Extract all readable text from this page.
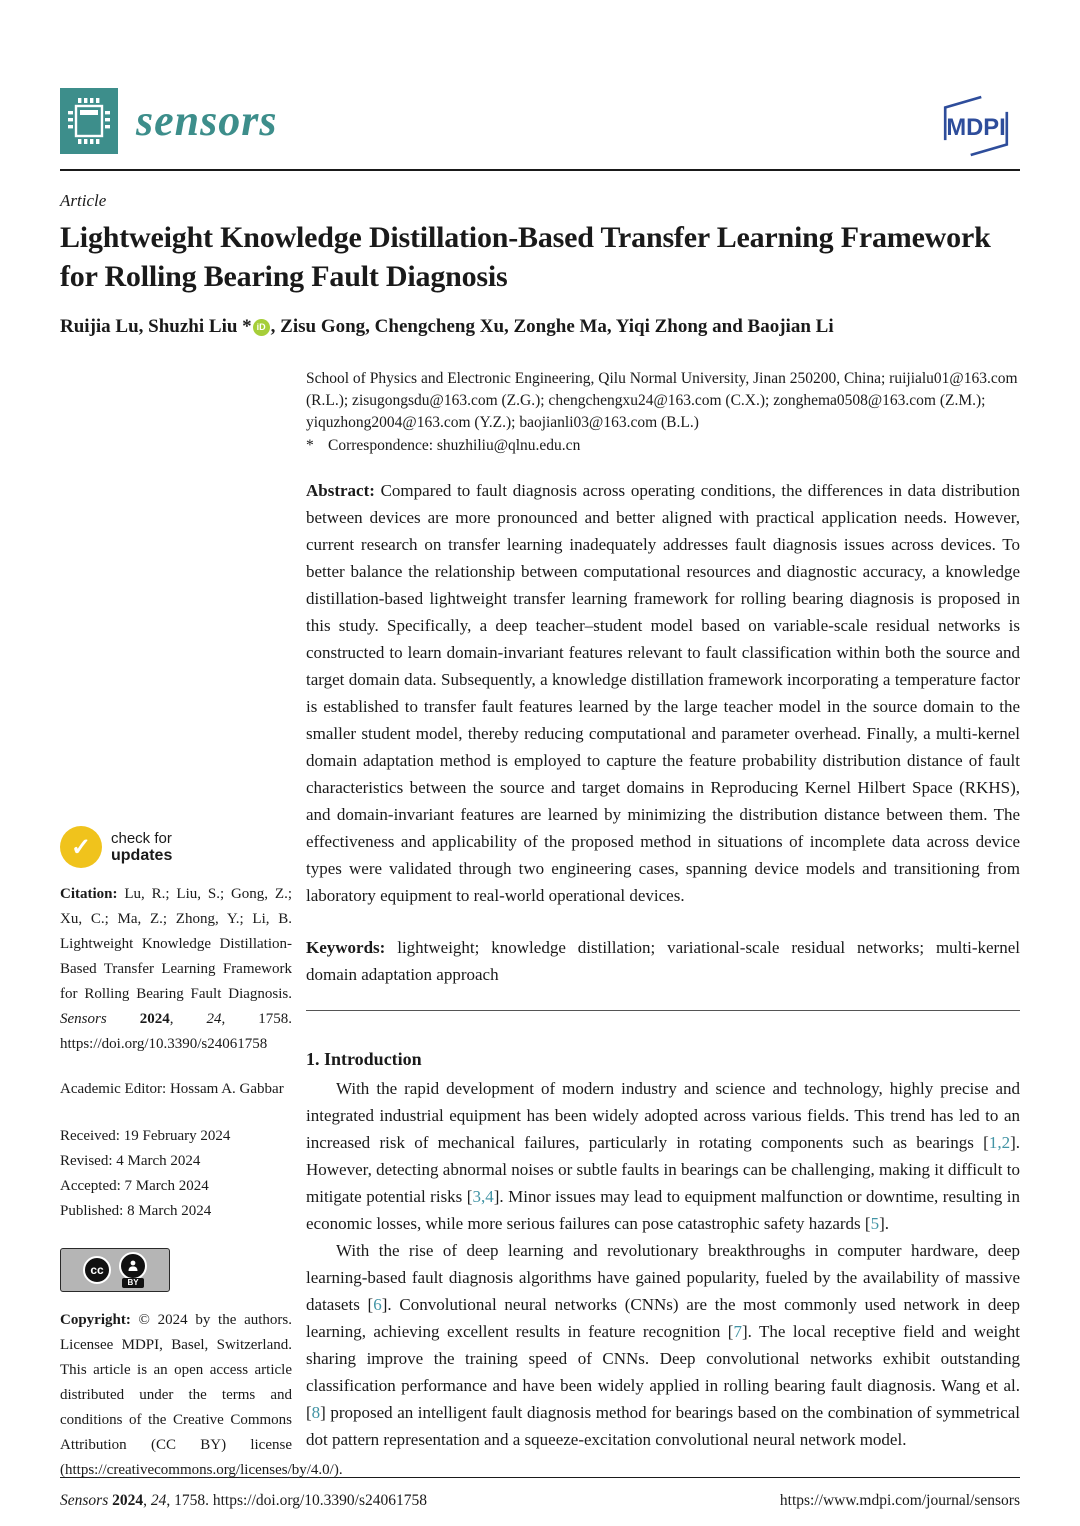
sensors	MDPI
Article
Lightweight Knowledge Distillation-Based Transfer Learning Framework for Rolling Bearing Fault Diagnosis
Ruijia Lu, Shuzhi Liu * iD , Zisu Gong, Chengcheng Xu, Zonghe Ma, Yiqi Zhong and Baojian Li
✓	check for
updates

Citation: Lu, R.; Liu, S.; Gong, Z.; Xu, C.; Ma, Z.; Zhong, Y.; Li, B. Lightweight Knowledge Distillation-Based Transfer Learning Framework for Rolling Bearing Fault Diagnosis. Sensors 2024, 24, 1758. https://doi.org/10.3390/s24061758

Academic Editor: Hossam A. Gabbar

Received: 19 February 2024
Revised: 4 March 2024
Accepted: 7 March 2024
Published: 8 March 2024
cc
BY

Copyright: © 2024 by the authors. Licensee MDPI, Basel, Switzerland. This article is an open access article distributed under the terms and conditions of the Creative Commons Attribution (CC BY) license (https://creativecommons.org/licenses/by/4.0/).

School of Physics and Electronic Engineering, Qilu Normal University, Jinan 250200, China; ruijialu01@163.com (R.L.); zisugongsdu@163.com (Z.G.); chengchengxu24@163.com (C.X.); zonghema0508@163.com (Z.M.); yiquzhong2004@163.com (Y.Z.); baojianli03@163.com (B.L.)

* Correspondence: shuzhiliu@qlnu.edu.cn

Abstract: Compared to fault diagnosis across operating conditions, the differences in data distribution between devices are more pronounced and better aligned with practical application needs. However, current research on transfer learning inadequately addresses fault diagnosis issues across devices. To better balance the relationship between computational resources and diagnostic accuracy, a knowledge distillation-based lightweight transfer learning framework for rolling bearing diagnosis is proposed in this study. Specifically, a deep teacher–student model based on variable-scale residual networks is constructed to learn domain-invariant features relevant to fault classification within both the source and target domain data. Subsequently, a knowledge distillation framework incorporating a temperature factor is established to transfer fault features learned by the large teacher model in the source domain to the smaller student model, thereby reducing computational and parameter overhead. Finally, a multi-kernel domain adaptation method is employed to capture the feature probability distribution distance of fault characteristics between the source and target domains in Reproducing Kernel Hilbert Space (RKHS), and domain-invariant features are learned by minimizing the distribution distance between them. The effectiveness and applicability of the proposed method in situations of incomplete data across device types were validated through two engineering cases, spanning device models and transitioning from laboratory equipment to real-world operational devices.

Keywords: lightweight; knowledge distillation; variational-scale residual networks; multi-kernel domain adaptation approach

1. Introduction

With the rapid development of modern industry and science and technology, highly precise and integrated industrial equipment has been widely adopted across various fields. This trend has led to an increased risk of mechanical failures, particularly in rotating components such as bearings [1,2]. However, detecting abnormal noises or subtle faults in bearings can be challenging, making it difficult to mitigate potential risks [3,4]. Minor issues may lead to equipment malfunction or downtime, resulting in economic losses, while more serious failures can pose catastrophic safety hazards [5].

With the rise of deep learning and revolutionary breakthroughs in computer hardware, deep learning-based fault diagnosis algorithms have gained popularity, fueled by the availability of massive datasets [6]. Convolutional neural networks (CNNs) are the most commonly used network in deep learning, achieving excellent results in feature recognition [7]. The local receptive field and weight sharing improve the training speed of CNNs. Deep convolutional networks exhibit outstanding classification performance and have been widely applied in rolling bearing fault diagnosis. Wang et al. [8] proposed an intelligent fault diagnosis method for bearings based on the combination of symmetrical dot pattern representation and a squeeze-excitation convolutional neural network model.

Sensors 2024, 24, 1758. https://doi.org/10.3390/s24061758	https://www.mdpi.com/journal/sensors
